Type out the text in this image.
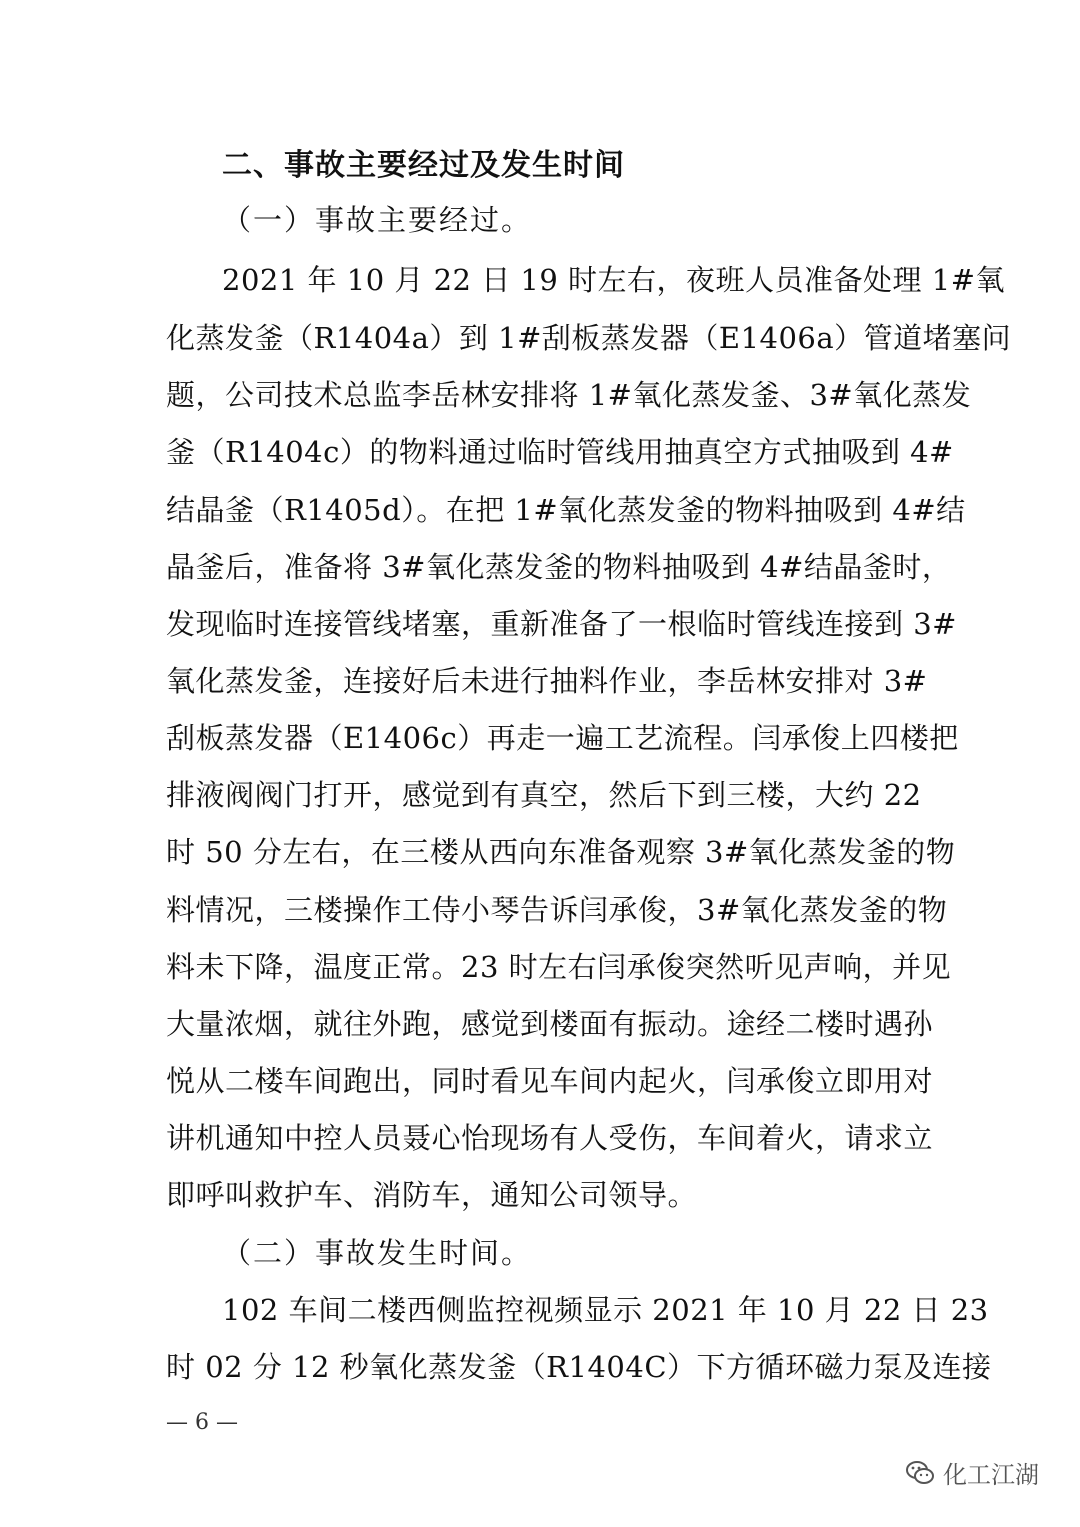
二、事故主要经过及发生时间
（一）事故主要经过。
2021 年 10 月 22 日 19 时左右，夜班人员准备处理 1#氧
化蒸发釜（R1404a）到 1#刮板蒸发器（E1406a）管道堵塞问
题，公司技术总监李岳林安排将 1#氧化蒸发釜、3#氧化蒸发
釜（R1404c）的物料通过临时管线用抽真空方式抽吸到 4#
结晶釜（R1405d）。在把 1#氧化蒸发釜的物料抽吸到 4#结
晶釜后，准备将 3#氧化蒸发釜的物料抽吸到 4#结晶釜时，
发现临时连接管线堵塞，重新准备了一根临时管线连接到 3#
氧化蒸发釜，连接好后未进行抽料作业，李岳林安排对 3#
刮板蒸发器（E1406c）再走一遍工艺流程。闫承俊上四楼把
排液阀阀门打开，感觉到有真空，然后下到三楼，大约 22
时 50 分左右，在三楼从西向东准备观察 3#氧化蒸发釜的物
料情况，三楼操作工侍小琴告诉闫承俊，3#氧化蒸发釜的物
料未下降，温度正常。23 时左右闫承俊突然听见声响，并见
大量浓烟，就往外跑，感觉到楼面有振动。途经二楼时遇孙
悦从二楼车间跑出，同时看见车间内起火，闫承俊立即用对
讲机通知中控人员聂心怡现场有人受伤，车间着火，请求立
即呼叫救护车、消防车，通知公司领导。
（二）事故发生时间。
102 车间二楼西侧监控视频显示 2021 年 10 月 22 日 23
时 02 分 12 秒氧化蒸发釜（R1404C）下方循环磁力泵及连接
— 6 —
化工江湖
